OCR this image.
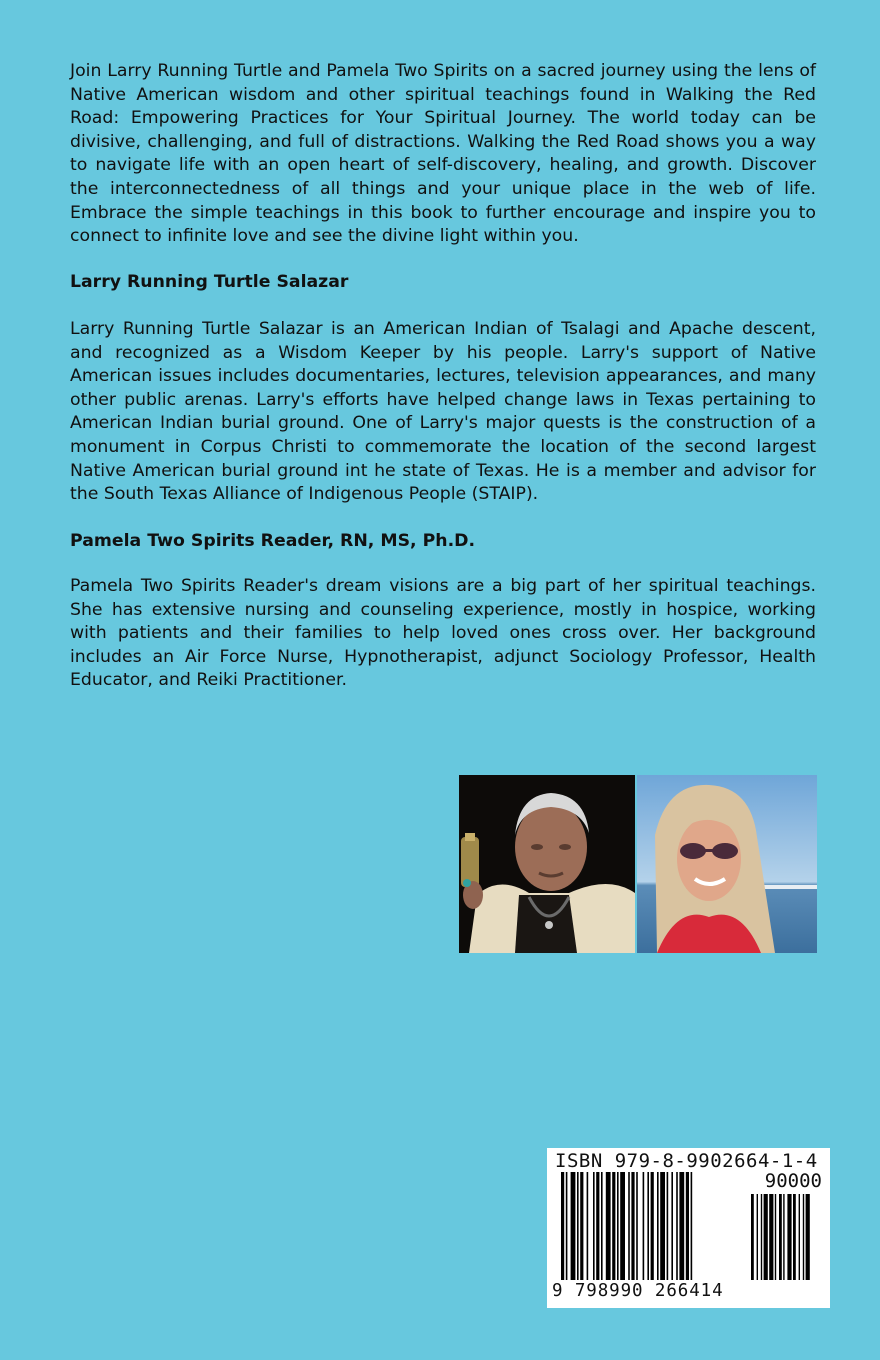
Join Larry Running Turtle and Pamela Two Spirits on a sacred journey using the lens of Native American wisdom and other spiritual teachings found in Walking the Red Road: Empowering Practices for Your Spiritual Journey. The world today can be divisive, challenging, and full of distractions. Walking the Red Road shows you a way to navigate life with an open heart of self-discovery, healing, and growth. Discover the interconnectedness of all things and your unique place in the web of life. Embrace the simple teachings in this book to further encourage and inspire you to connect to infinite love and see the divine light within you.

Larry Running Turtle Salazar

Larry Running Turtle Salazar is an American Indian of Tsalagi and Apache descent, and recognized as a Wisdom Keeper by his people. Larry's support of Native American issues includes documentaries, lectures, television appearances, and many other public arenas. Larry's efforts have helped change laws in Texas pertaining to American Indian burial ground. One of Larry's major quests is the construction of a monument in Corpus Christi to commemorate the location of the second largest Native American burial ground int he state of Texas. He is a member and advisor for the South Texas Alliance of Indigenous People (STAIP).

Pamela Two Spirits Reader, RN, MS, Ph.D.

Pamela Two Spirits Reader's dream visions are a big part of her spiritual teachings. She has extensive nursing and counseling experience, mostly in hospice, working with patients and their families to help loved ones cross over. Her background includes an Air Force Nurse, Hypnotherapist, adjunct Sociology Professor, Health Educator, and Reiki Practitioner.

ISBN 979-8-9902664-1-4
90000
9 798990 266414
